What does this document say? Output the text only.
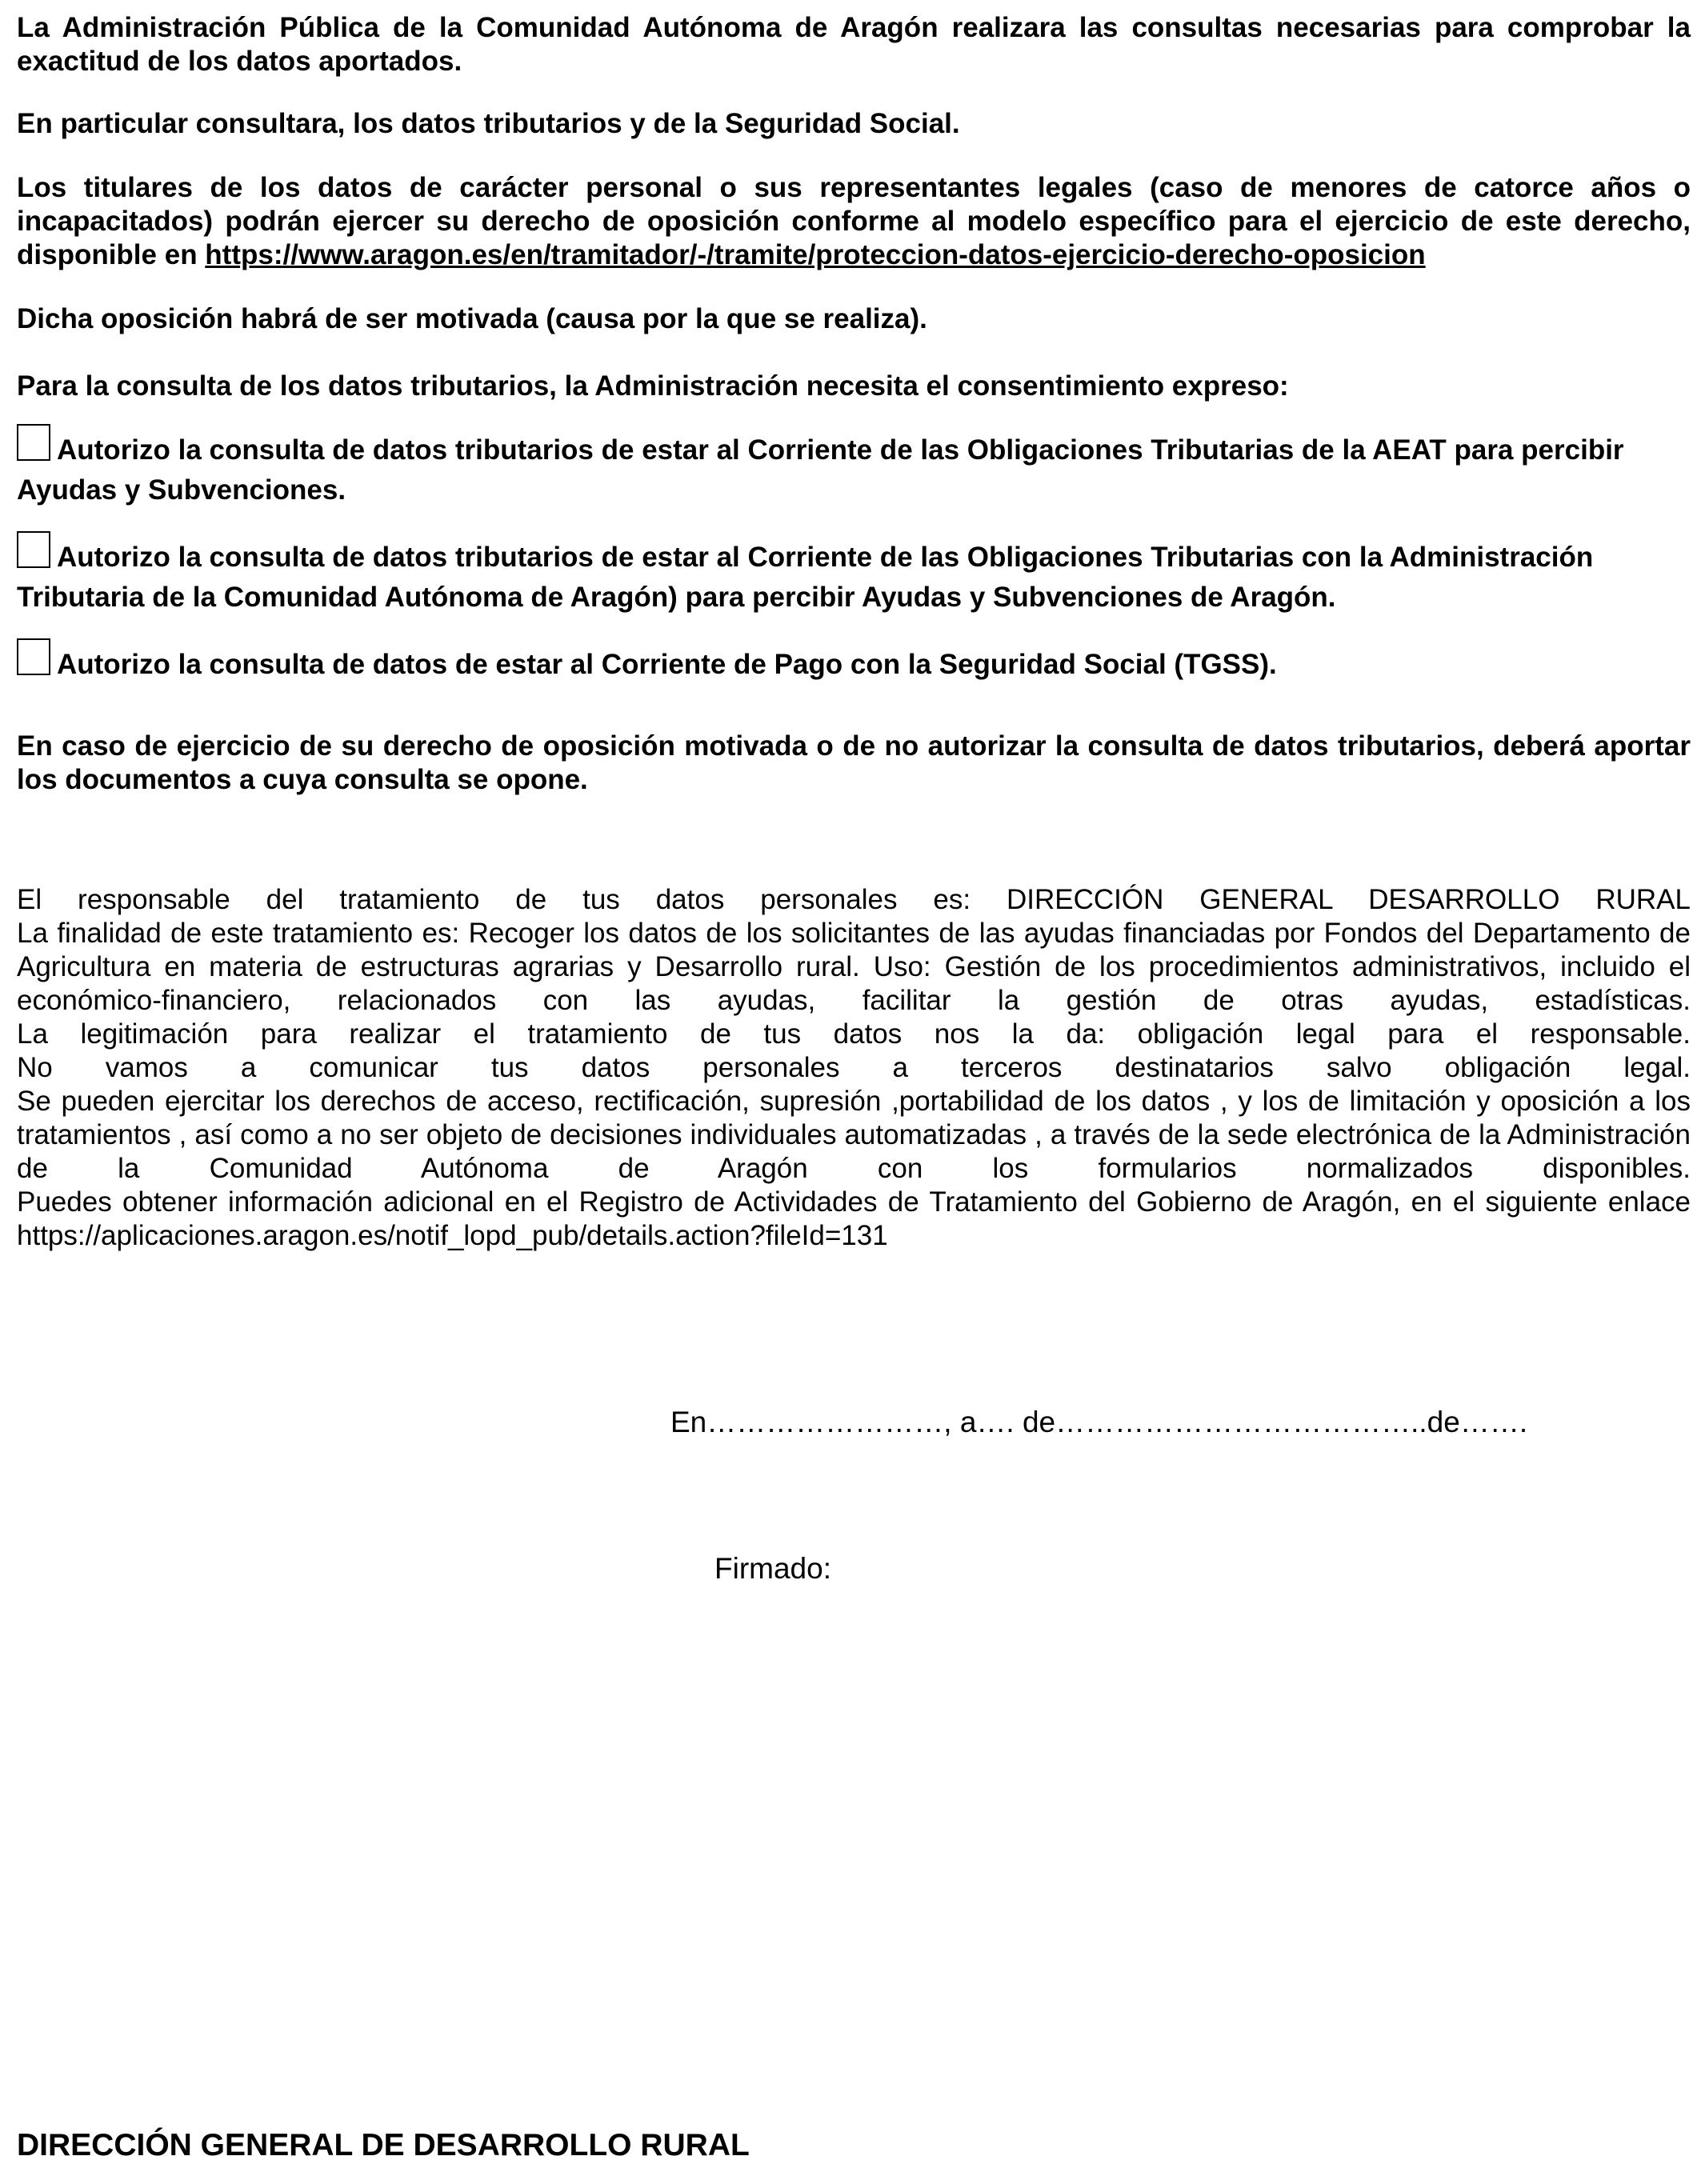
La Administración Pública de la Comunidad Autónoma de Aragón realizara las consultas necesarias para comprobar la exactitud de los datos aportados.

En particular consultara, los datos tributarios y de la Seguridad Social.

Los titulares de los datos de carácter personal o sus representantes legales (caso de menores de catorce años o incapacitados) podrán ejercer su derecho de oposición conforme al modelo específico para el ejercicio de este derecho, disponible en https://www.aragon.es/en/tramitador/-/tramite/proteccion-datos-ejercicio-derecho-oposicion

Dicha oposición habrá de ser motivada (causa por la que se realiza).

Para la consulta de los datos tributarios, la Administración necesita el consentimiento expreso:

Autorizo la consulta de datos tributarios de estar al Corriente de las Obligaciones Tributarias de la AEAT para percibir Ayudas y Subvenciones.

Autorizo la consulta de datos tributarios de estar al Corriente de las Obligaciones Tributarias con la Administración Tributaria de la Comunidad Autónoma de Aragón) para percibir Ayudas y Subvenciones de Aragón.

Autorizo la consulta de datos de estar al Corriente de Pago con la Seguridad Social (TGSS).

En caso de ejercicio de su derecho de oposición motivada o de no autorizar la consulta de datos tributarios, deberá aportar los documentos a cuya consulta se opone.

El responsable del tratamiento de tus datos personales es: DIRECCIÓN GENERAL DESARROLLO RURAL
La finalidad de este tratamiento es: Recoger los datos de los solicitantes de las ayudas financiadas por Fondos del Departamento de Agricultura en materia de estructuras agrarias y Desarrollo rural. Uso: Gestión de los procedimientos administrativos, incluido el económico-financiero, relacionados con las ayudas, facilitar la gestión de otras ayudas, estadísticas.
La legitimación para realizar el tratamiento de tus datos nos la da: obligación legal para el responsable.
No vamos a comunicar tus datos personales a terceros destinatarios salvo obligación legal.
Se pueden ejercitar los derechos de acceso, rectificación, supresión ,portabilidad de los datos , y los de limitación y oposición a los tratamientos , así como a no ser objeto de decisiones individuales automatizadas , a través de la sede electrónica de la Administración de la Comunidad Autónoma de Aragón con los formularios normalizados disponibles.
Puedes obtener información adicional en el Registro de Actividades de Tratamiento del Gobierno de Aragón, en el siguiente enlace https://aplicaciones.aragon.es/notif_lopd_pub/details.action?fileId=131
En……………………, a…. de………………………………..de…….
Firmado:
DIRECCIÓN GENERAL DE DESARROLLO RURAL
